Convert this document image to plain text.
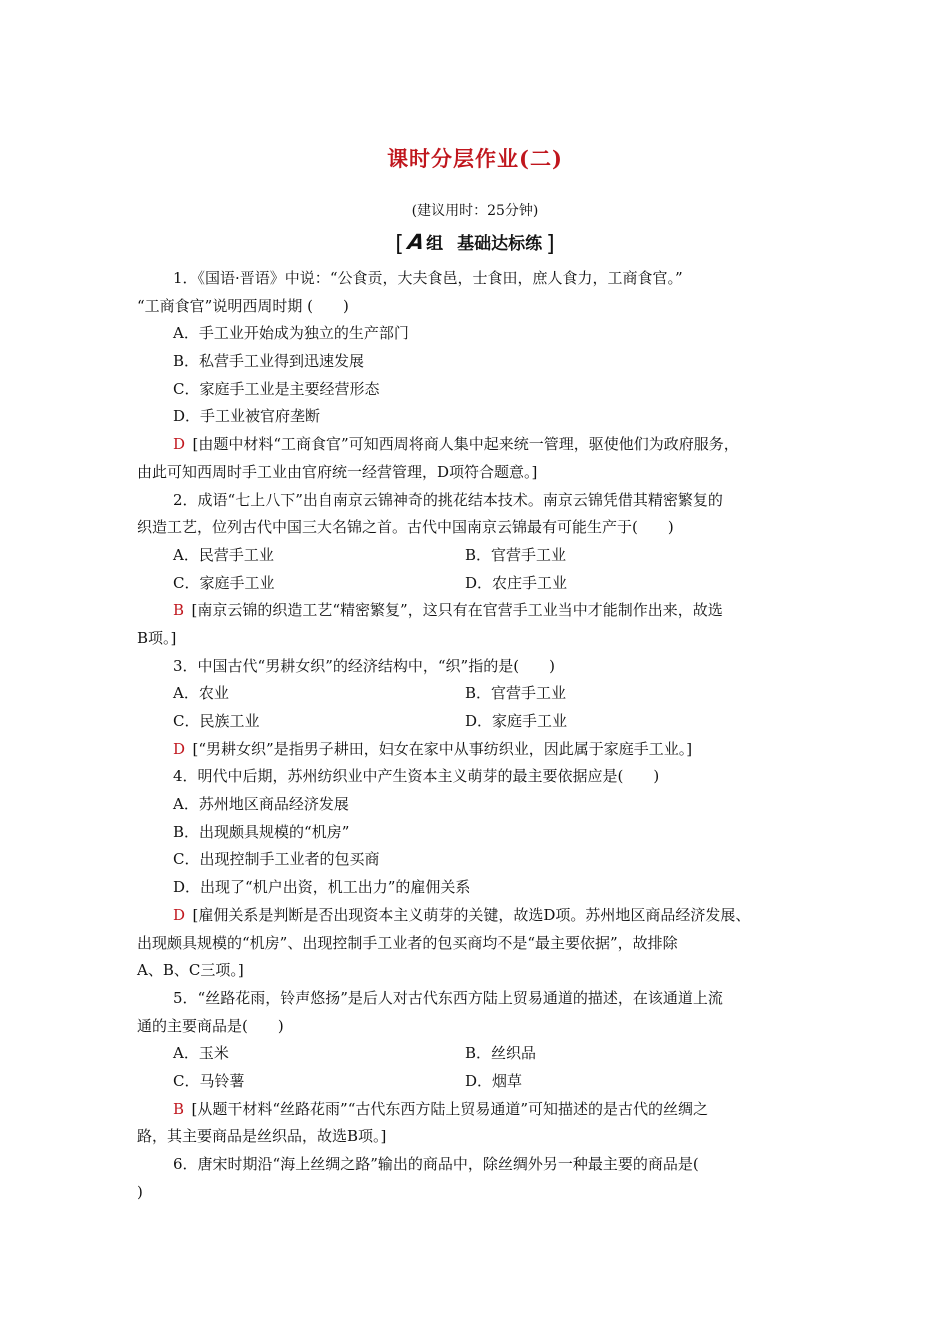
课时分层作业(二)
(建议用时：25分钟)
[ A组 基础达标练 ]
1．《国语·晋语》中说：“公食贡，大夫食邑，士食田，庶人食力，工商食官。”
“工商食官”说明西周时期 (　　)
A．手工业开始成为独立的生产部门
B．私营手工业得到迅速发展
C．家庭手工业是主要经营形态
D．手工业被官府垄断
D  [由题中材料“工商食官”可知西周将商人集中起来统一管理，驱使他们为政府服务，
由此可知西周时手工业由官府统一经营管理，D项符合题意。]
2．成语“七上八下”出自南京云锦神奇的挑花结本技术。南京云锦凭借其精密繁复的
织造工艺，位列古代中国三大名锦之首。古代中国南京云锦最有可能生产于(　　)
A．民营手工业	B．官营手工业
C．家庭手工业	D．农庄手工业
B  [南京云锦的织造工艺“精密繁复”，这只有在官营手工业当中才能制作出来，故选
B项。]
3．中国古代“男耕女织”的经济结构中，“织”指的是(　　)
A．农业	B．官营手工业
C．民族工业	D．家庭手工业
D  [“男耕女织”是指男子耕田，妇女在家中从事纺织业，因此属于家庭手工业。]
4．明代中后期，苏州纺织业中产生资本主义萌芽的最主要依据应是(　　)
A．苏州地区商品经济发展
B．出现颇具规模的“机房”
C．出现控制手工业者的包买商
D．出现了“机户出资，机工出力”的雇佣关系
D  [雇佣关系是判断是否出现资本主义萌芽的关键，故选D项。苏州地区商品经济发展、
出现颇具规模的“机房”、出现控制手工业者的包买商均不是“最主要依据”，故排除
A、B、C三项。]
5．“丝路花雨，铃声悠扬”是后人对古代东西方陆上贸易通道的描述，在该通道上流
通的主要商品是(　　)
A．玉米	B．丝织品
C．马铃薯	D．烟草
B  [从题干材料“丝路花雨”“古代东西方陆上贸易通道”可知描述的是古代的丝绸之
路，其主要商品是丝织品，故选B项。]
6．唐宋时期沿“海上丝绸之路”输出的商品中，除丝绸外另一种最主要的商品是(
)
